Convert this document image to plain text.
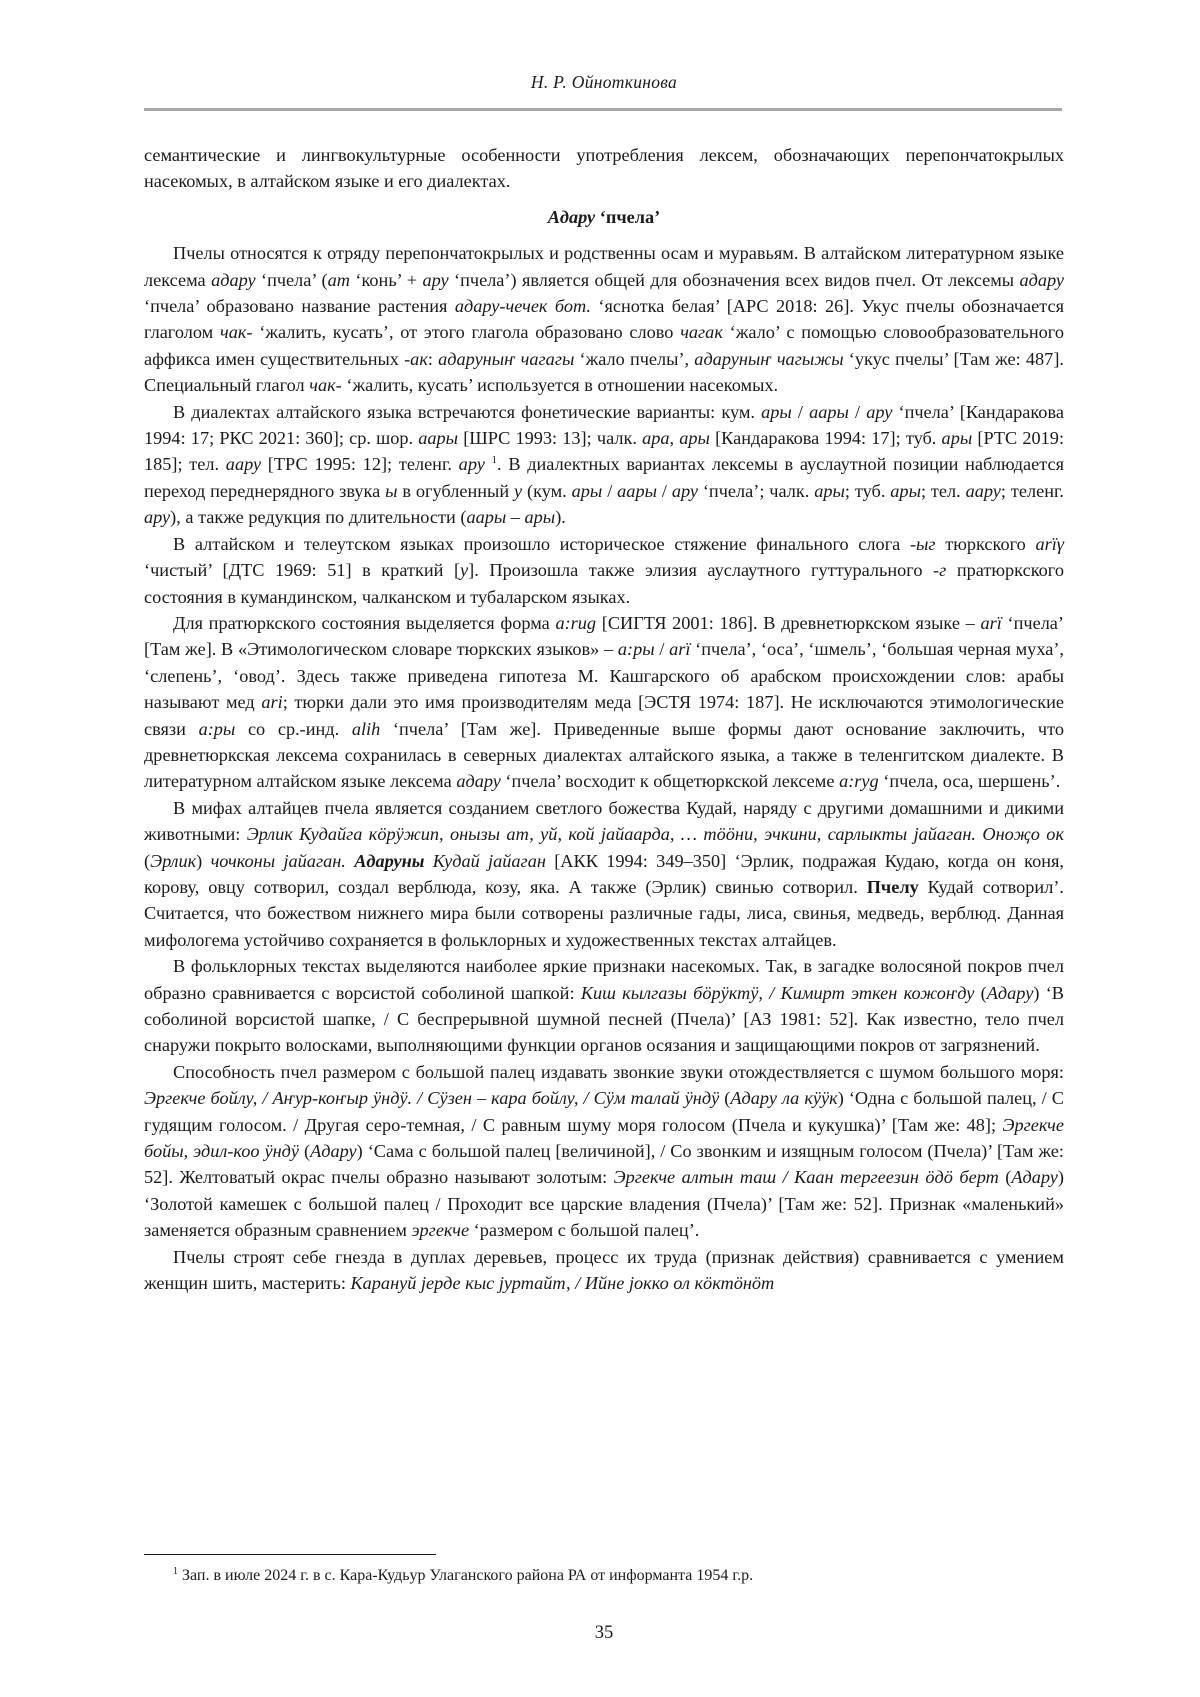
Н. Р. Ойноткинова

семантические и лингвокультурные особенности употребления лексем, обозначающих перепончатокрылых насекомых, в алтайском языке и его диалектах.

Адару ‘пчела’

Пчелы относятся к отряду перепончатокрылых и родственны осам и муравьям. В алтайском литературном языке лексема адару ‘пчела’ (ат ‘конь’ + ару ‘пчела’) является общей для обозначения всех видов пчел. От лексемы адару ‘пчела’ образовано название растения адару-чечек бот. ‘яснотка белая’ [АРС 2018: 26]. Укус пчелы обозначается глаголом чак- ‘жалить, кусать’, от этого глагола образовано слово чагак ‘жало’ с помощью словообразовательного аффикса имен существительных -ак: адаруныҥ чагагы ‘жало пчелы’, адаруныҥ чагыжы ‘укус пчелы’ [Там же: 487]. Специальный глагол чак- ‘жалить, кусать’ используется в отношении насекомых.

В диалектах алтайского языка встречаются фонетические варианты: кум. ары / аары / ару ‘пчела’ [Кандаракова 1994: 17; РКС 2021: 360]; ср. шор. аары [ШРС 1993: 13]; чалк. ара, ары [Кандаракова 1994: 17]; туб. ары [РТС 2019: 185]; тел. аару [ТРС 1995: 12]; теленг. ару $^1$. В диалектных вариантах лексемы в ауслаутной позиции наблюдается переход переднерядного звука ы в огубленный у (кум. ары / аары / ару ‘пчела’; чалк. ары; туб. ары; тел. аару; теленг. ару), а также редукция по длительности (аары – ары).

В алтайском и телеутском языках произошло историческое стяжение финального слога -ыг тюркского arïγ ‘чистый’ [ДТС 1969: 51] в краткий [у]. Произошла также элизия ауслаутного гуттурального -г пратюркского состояния в кумандинском, чалканском и тубаларском языках.

Для пратюркского состояния выделяется форма a:rug [СИГТЯ 2001: 186]. В древнетюркском языке – arï ‘пчела’ [Там же]. В «Этимологическом словаре тюркских языков» – а:ры / arï ‘пчела’, ‘оса’, ‘шмель’, ‘большая черная муха’, ‘слепень’, ‘овод’. Здесь также приведена гипотеза М. Кашгарского об арабском происхождении слов: арабы называют мед ari; тюрки дали это имя производителям меда [ЭСТЯ 1974: 187]. Не исключаются этимологические связи а:ры со ср.-инд. alih ‘пчела’ [Там же]. Приведенные выше формы дают основание заключить, что древнетюркская лексема сохранилась в северных диалектах алтайского языка, а также в теленгитском диалекте. В литературном алтайском языке лексема адару ‘пчела’ восходит к общетюркской лексеме a:ryg ‘пчела, оса, шершень’.

В мифах алтайцев пчела является созданием светлого божества Кудай, наряду с другими домашними и дикими животными: Эрлик Кудайга кӧрӱжип, онызы ат, уй, кой јайаарда, … тӧӧни, эчкини, сарлыкты јайаган. Оноҗо ок (Эрлик) чочконы јайаган. Адаруны Кудай јайаган [АКК 1994: 349–350] ‘Эрлик, подражая Кудаю, когда он коня, корову, овцу сотворил, создал верблюда, козу, яка. А также (Эрлик) свинью сотворил. Пчелу Кудай сотворил’. Считается, что божеством нижнего мира были сотворены различные гады, лиса, свинья, медведь, верблюд. Данная мифологема устойчиво сохраняется в фольклорных и художественных текстах алтайцев.

В фольклорных текстах выделяются наиболее яркие признаки насекомых. Так, в загадке волосяной покров пчел образно сравнивается с ворсистой соболиной шапкой: Киш кылгазы бӧрӱктӱ, / Кимирт эткен кожоҥду (Адару) ‘В соболиной ворсистой шапке, / С беспрерывной шумной песней (Пчела)’ [АЗ 1981: 52]. Как известно, тело пчел снаружи покрыто волосками, выполняющими функции органов осязания и защищающими покров от загрязнений.

Способность пчел размером с большой палец издавать звонкие звуки отождествляется с шумом большого моря: Эргекче бойлу, / Аҥур-коҥыр ӱндӱ. / Сӱзен – кара бойлу, / Сӱм талай ӱндӱ (Адару ла кӱӱк) ‘Одна с большой палец, / С гудящим голосом. / Другая серо-темная, / С равным шуму моря голосом (Пчела и кукушка)’ [Там же: 48]; Эргекче бойы, эдил-коо ӱндӱ (Адару) ‘Сама с большой палец [величиной], / Со звонким и изящным голосом (Пчела)’ [Там же: 52]. Желтоватый окрас пчелы образно называют золотым: Эргекче алтын таш / Каан тергеезин ӧдӧ берт (Адару) ‘Золотой камешек с большой палец / Проходит все царские владения (Пчела)’ [Там же: 52]. Признак «маленький» заменяется образным сравнением эргекче ‘размером с большой палец’.

Пчелы строят себе гнезда в дуплах деревьев, процесс их труда (признак действия) сравнивается с умением женщин шить, мастерить: Карануй јерде кыс јуртайт, / Ийне јокко ол кӧктӧнӧт

$^1$ Зап. в июле 2024 г. в с. Кара-Кудьур Улаганского района РА от информанта 1954 г.р.
35
